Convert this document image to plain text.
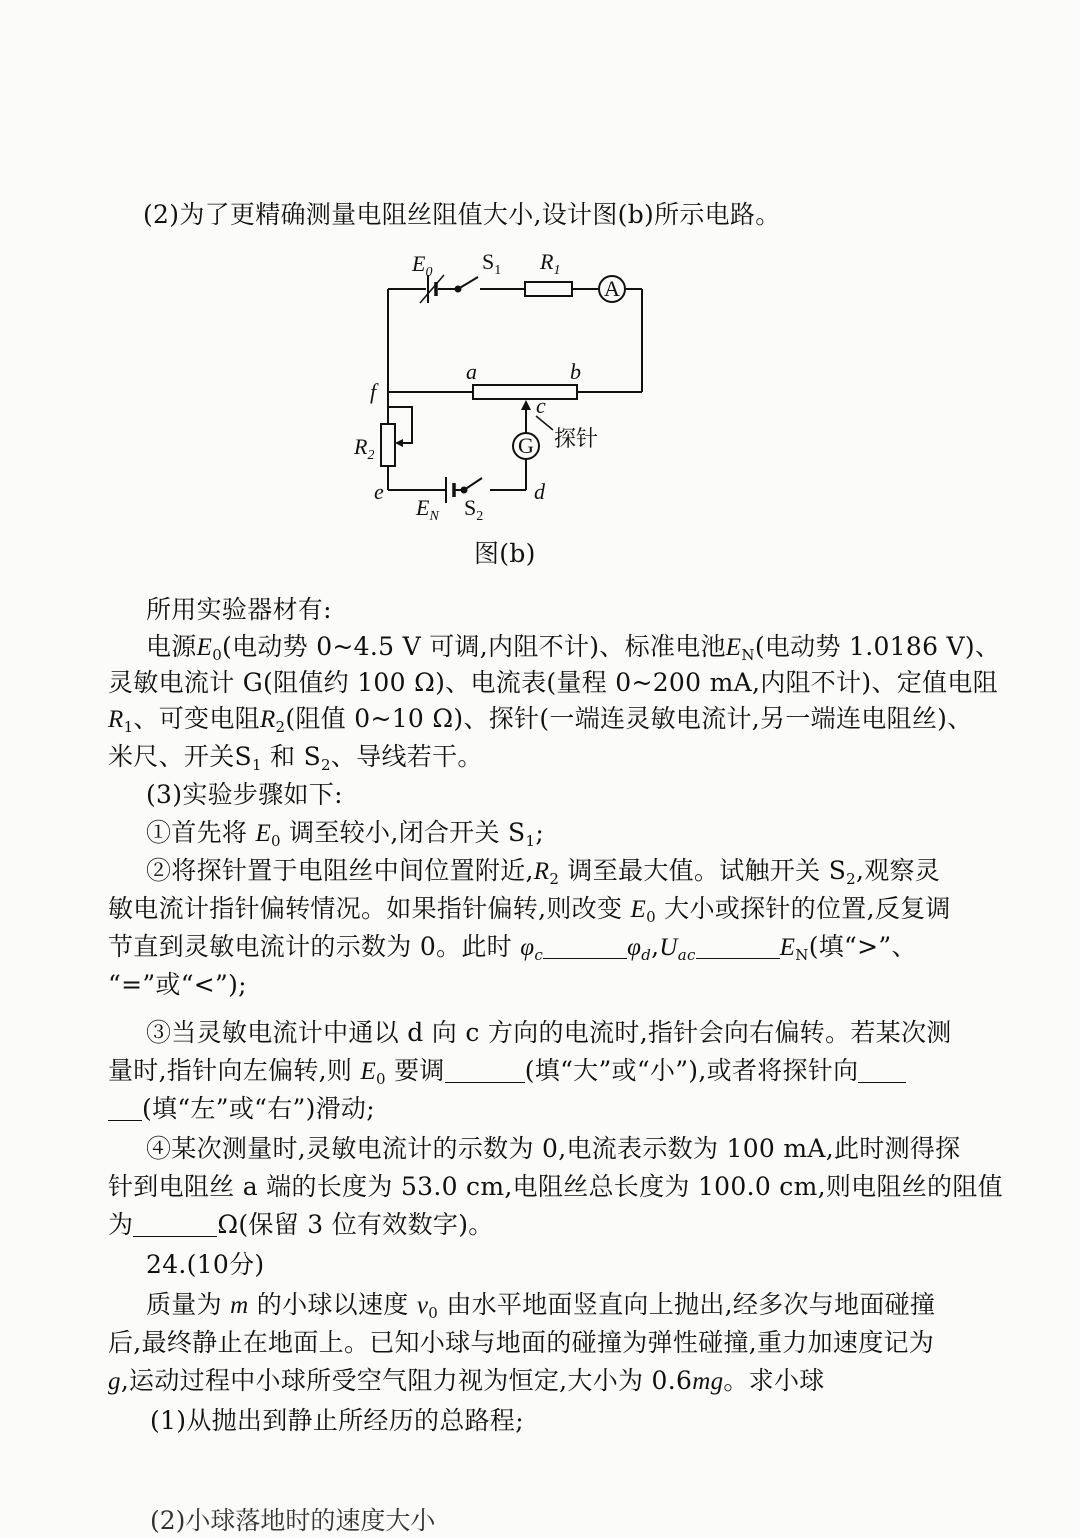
(2)为了更精确测量电阻丝阻值大小,设计图(b)所示电路。
$E_0$ $S_1$ $R_1$
A
f
a	b
c
$R_2$	G 探针
e	d
$E_N$ $S_2$
图(b)
所用实验器材有:
电源$E_0$(电动势 0~4.5 V 可调,内阻不计)、标准电池$E_N$(电动势 1.0186 V)、
灵敏电流计 G(阻值约 100 Ω)、电流表(量程 0~200 mA,内阻不计)、定值电阻
$R_1$、可变电阻$R_2$(阻值 0~10 Ω)、探针(一端连灵敏电流计,另一端连电阻丝)、
米尺、开关$S_1$ 和 $S_2$、导线若干。
(3)实验步骤如下:
①首先将 $E_0$ 调至较小,闭合开关 $S_1$;
②将探针置于电阻丝中间位置附近$,R_2$ 调至最大值。试触开关 $S_2$,观察灵
敏电流计指针偏转情况。如果指针偏转,则改变 $E_0$ 大小或探针的位置,反复调
节直到灵敏电流计的示数为 0。此时 $\varphi_c$	$\varphi_d,U_{ac}$	$E_N$(填“>”、
“=”或“<”);
③当灵敏电流计中通以 d 向 c 方向的电流时,指针会向右偏转。若某次测
量时,指针向左偏转,则 $E_0$ 要调	(填“大”或“小”),或者将探针向
(填“左”或“右”)滑动;
④某次测量时,灵敏电流计的示数为 0,电流表示数为 100 mA,此时测得探
针到电阻丝 a 端的长度为 53.0 cm,电阻丝总长度为 100.0 cm,则电阻丝的阻值
为	Ω(保留 3 位有效数字)。
24.(10分)
质量为 m 的小球以速度 $v_0$ 由水平地面竖直向上抛出,经多次与地面碰撞
后,最终静止在地面上。已知小球与地面的碰撞为弹性碰撞,重力加速度记为
g,运动过程中小球所受空气阻力视为恒定,大小为 0.6mg。求小球
(1)从抛出到静止所经历的总路程;
(2)小球落地时的速度大小
